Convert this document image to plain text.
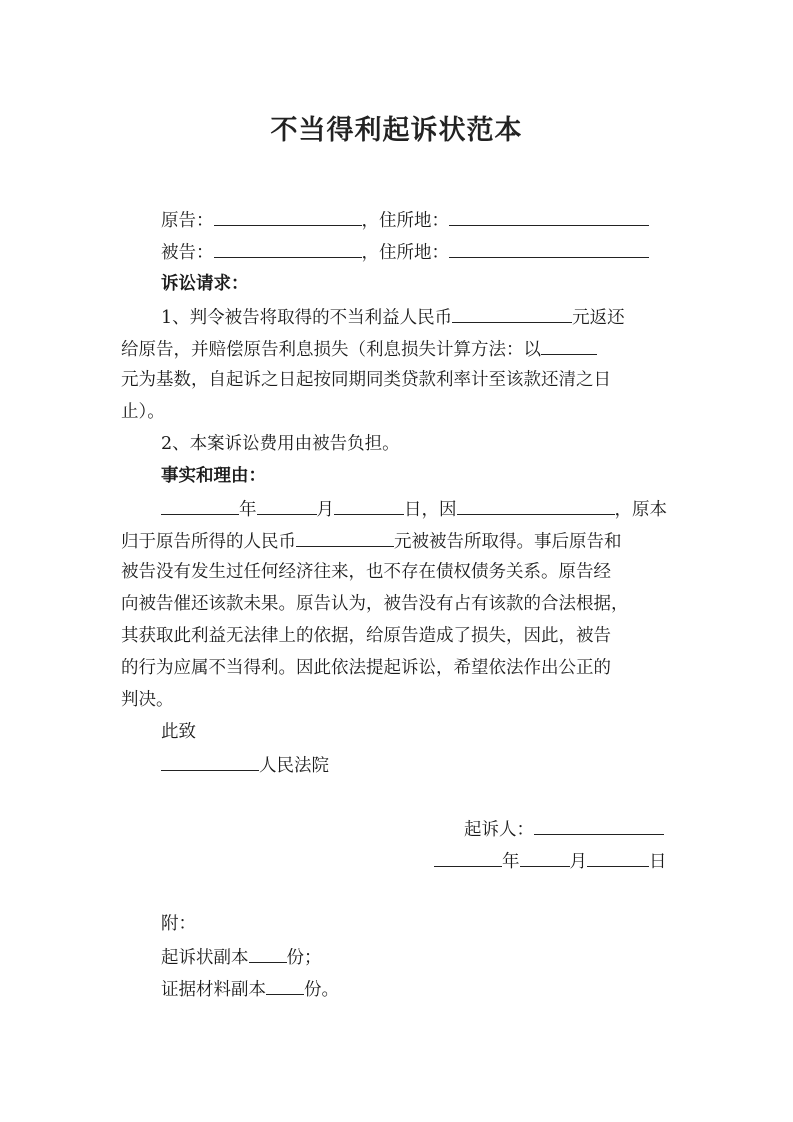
不当得利起诉状范本
原告：	，住所地：
被告：	，住所地：
诉讼请求：
1、判令被告将取得的不当利益人民币	元返还
给原告，并赔偿原告利息损失（利息损失计算方法：以
元为基数，自起诉之日起按同期同类贷款利率计至该款还清之日
止）。
2、本案诉讼费用由被告负担。
事实和理由：
年	月	日，因	，原本
归于原告所得的人民币	元被被告所取得。事后原告和
被告没有发生过任何经济往来，也不存在债权债务关系。原告经
向被告催还该款未果。原告认为，被告没有占有该款的合法根据，
其获取此利益无法律上的依据，给原告造成了损失，因此，被告
的行为应属不当得利。因此依法提起诉讼，希望依法作出公正的
判决。
此致
人民法院
起诉人：
年	月	日
附：
起诉状副本 份；
证据材料副本 份。
